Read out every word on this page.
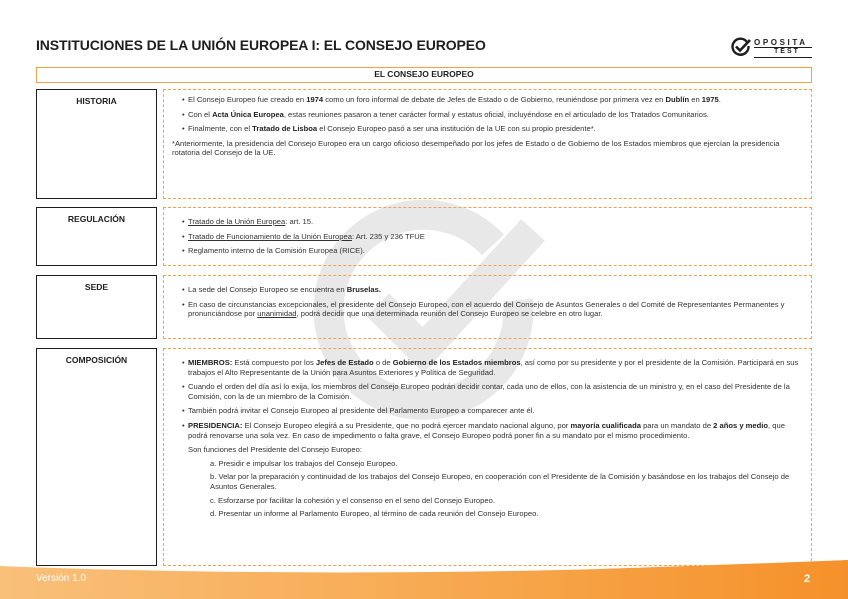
INSTITUCIONES DE LA UNIÓN EUROPEA I: EL CONSEJO EUROPEO	OPOSITA
TEST
EL CONSEJO EUROPEO
HISTORIA	• El Consejo Europeo fue creado en 1974 como un foro informal de debate de Jefes de Estado o de Gobierno, reuniéndose por primera vez en Dublín en 1975.
• Con el Acta Única Europea, estas reuniones pasaron a tener carácter formal y estatus oficial, incluyéndose en el articulado de los Tratados Comunitarios.
• Finalmente, con el Tratado de Lisboa el Consejo Europeo pasó a ser una institución de la UE con su propio presidente*.
*Anteriormente, la presidencia del Consejo Europeo era un cargo oficioso desempeñado por los jefes de Estado o de Gobierno de los Estados miembros que ejercían la presidencia rotatoria del Consejo de la UE.
REGULACIÓN	• Tratado de la Unión Europea: art. 15.
• Tratado de Funcionamiento de la Unión Europea: Art. 235 y 236 TFUE
• Reglamento interno de la Comisión Europea (RICE).
SEDE	• La sede del Consejo Europeo se encuentra en Bruselas.
• En caso de circunstancias excepcionales, el presidente del Consejo Europeo, con el acuerdo del Consejo de Asuntos Generales o del Comité de Representantes Permanentes y pronunciándose por unanimidad, podrá decidir que una determinada reunión del Consejo Europeo se celebre en otro lugar.
COMPOSICIÓN	• MIEMBROS: Está compuesto por los Jefes de Estado o de Gobierno de los Estados miembros, así como por su presidente y por el presidente de la Comisión. Participará en sus trabajos el Alto Representante de la Unión para Asuntos Exteriores y Política de Seguridad.
• Cuando el orden del día así lo exija, los miembros del Consejo Europeo podrán decidir contar, cada uno de ellos, con la asistencia de un ministro y, en el caso del Presidente de la Comisión, con la de un miembro de la Comisión.
• También podrá invitar el Consejo Europeo al presidente del Parlamento Europeo a comparecer ante él.
• PRESIDENCIA: El Consejo Europeo elegirá a su Presidente, que no podrá ejercer mandato nacional alguno, por mayoría cualificada para un mandato de 2 años y medio, que podrá renovarse una sola vez. En caso de impedimento o falta grave, el Consejo Europeo podrá poner fin a su mandato por el mismo procedimiento.
Son funciones del Presidente del Consejo Europeo:
a. Presidir e impulsar los trabajos del Consejo Europeo.
b. Velar por la preparación y continuidad de los trabajos del Consejo Europeo, en cooperación con el Presidente de la Comisión y basándose en los trabajos del Consejo de Asuntos Generales.
c. Esforzarse por facilitar la cohesión y el consenso en el seno del Consejo Europeo.
d. Presentar un informe al Parlamento Europeo, al término de cada reunión del Consejo Europeo.
Versión 1.0	2
